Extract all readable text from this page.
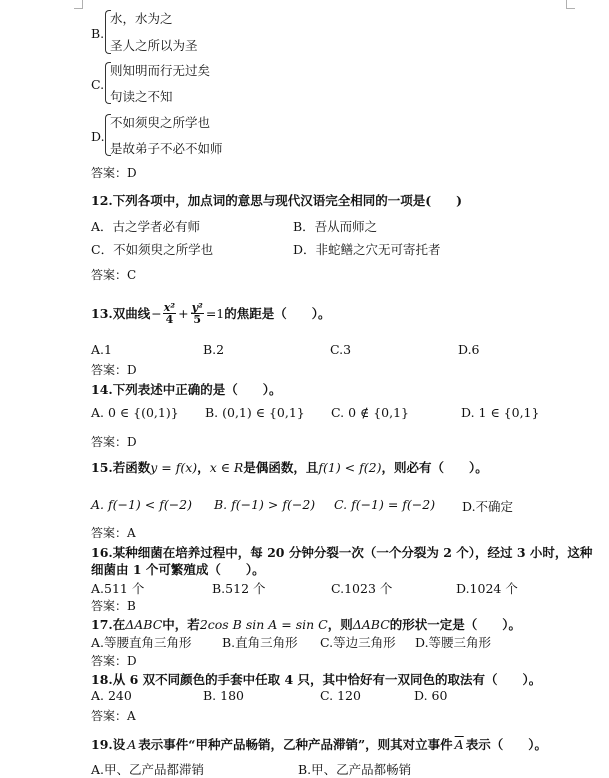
B.
水，水为之
圣人之所以为圣
C.
则知明而行无过矣
句读之不知
D.
不如须臾之所学也
是故弟子不必不如师
答案：D
12.下列各项中，加点词的意思与现代汉语完全相同的一项是(　　)
A．古之学者必有师	B．吾从而师之
C．不如须臾之所学也	D．非蛇鳝之穴无可寄托者
答案：C
13.双曲线 − $\frac{\text{x²}}{4} + \frac{\text{y²}}{5} =1$ 的焦距是（　　）。
A.1	B.2	C.3	D.6
答案：D
14.下列表述中正确的是（　　）。
A. 0 ∈ {(0,1)} B. (0,1) ∈ {0,1} C. 0 ∉ {0,1}	D. 1 ∈ {0,1}
答案：D
15.若函数y = f(x)，x ∈ R是偶函数，且f(1) < f(2)，则必有（　　）。
A. f(−1) < f(−2) B. f(−1) > f(−2) C. f(−1) = f(−2) D.不确定
答案：A
16.某种细菌在培养过程中，每 20 分钟分裂一次（一个分裂为 2 个），经过 3 小时，这种
细菌由 1 个可繁殖成（　　）。
A.511 个	B.512 个	C.1023 个	D.1024 个
答案：B
17.在ΔABC中，若2cos B sin A = sin C，则ΔABC的形状一定是（　　）。
A.等腰直角三角形 B.直角三角形 C.等边三角形 D.等腰三角形
答案：D
18.从 6 双不同颜色的手套中任取 4 只，其中恰好有一双同色的取法有（　　）。
A. 240	B. 180	C. 120	D. 60
答案：A
19.设 A 表示事件“甲种产品畅销，乙种产品滞销”，则其对立事件 $\overline{A}$ 表示（　　）。
A.甲、乙产品都滞销	B.甲、乙产品都畅销
